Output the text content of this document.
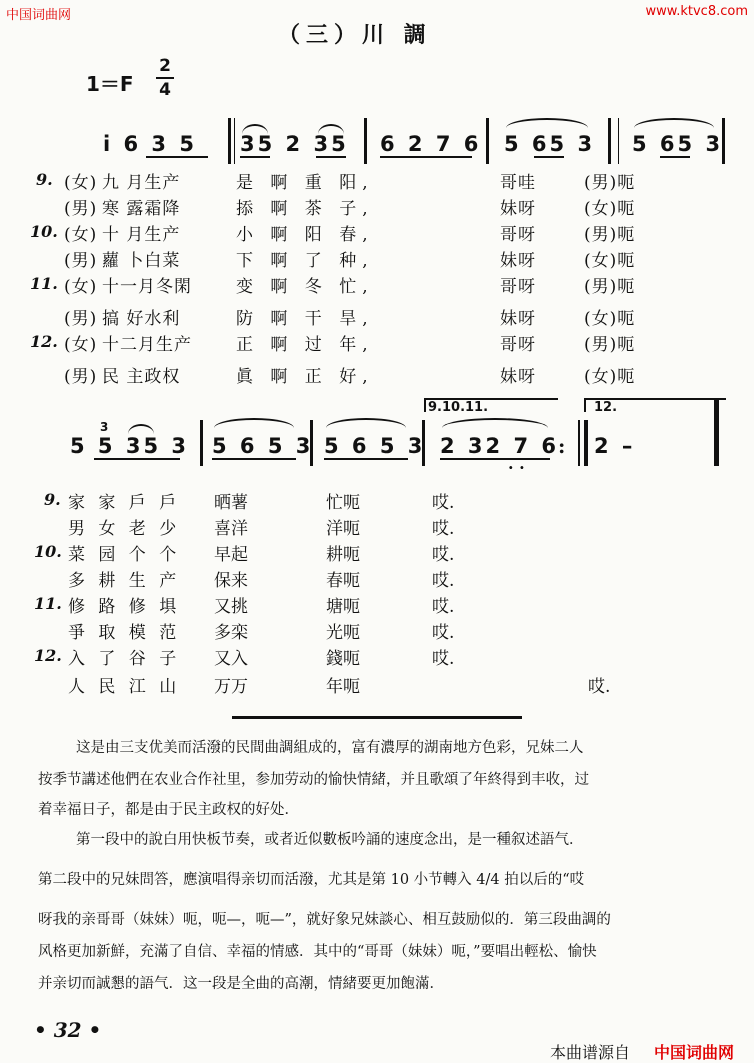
中国词曲网	www.ktvc8.com
（三）川 調
1＝F
2
4
i 6 3 5 35 2 35 6 2 7 6 5 65 3 5 65 3
9. (女) 九 月生产	是 啊 重 阳,	哥哇	(男)呃
(男) 寒 露霜降	掭 啊 茶 子,	妹呀	(女)呃
10. (女) 十 月生产	小 啊 阳 春,	哥呀	(男)呃
(男) 蘿 卜白菜	下 啊 了 种,	妹呀	(女)呃
11. (女) 十一月冬閑	变 啊 冬 忙,	哥呀	(男)呃
(男) 搞 好水利	防 啊 干 旱,	妹呀	(女)呃
12. (女) 十二月生产	正 啊 过 年,	哥呀	(男)呃
(男) 民 主政权	眞 啊 正 好,	妹呀	(女)呃
9.10.11.	12.
3
5 5 35 3 5 6 5 3 5 6 5 3 2 32 7 6
· ·
: 2 –
9. 家 家 戶 戶 晒薯	忙呃	哎.
男 女 老 少 喜洋	洋呃	哎.
10. 菜 园 个 个 早起	耕呃	哎.
多 耕 生 产 保来	春呃	哎.
11. 修 路 修 埧 又挑	塘呃	哎.
爭 取 模 范 多栾	光呃	哎.
12. 入 了 谷 子 又入	錢呃	哎.
人 民 江 山 万万	年呃	哎.
这是由三支优美而活潑的民間曲調組成的，富有濃厚的湖南地方色彩，兄妹二人
按季节講述他們在农业合作社里，参加劳动的愉快情緒，并且歌頌了年終得到丰收，过
着幸福日子，都是由于民主政权的好处．
第一段中的說白用快板节奏，或者近似數板吟誦的速度念出，是一種叙述語气．
第二段中的兄妹問答，應演唱得亲切而活潑，尤其是第 10 小节轉入 4/4 拍以后的“哎
呀我的亲哥哥（妹妹）呃，呃—，呃—”，就好象兄妹談心、相互鼓励似的．第三段曲調的
风格更加新鮮，充滿了自信、幸福的情感．其中的“哥哥（妹妹）呃，”要唱出輕松、愉快
并亲切而誠懇的語气．这一段是全曲的高潮，情緒要更加飽滿．
• 32 •
本曲谱源自 中国词曲网
